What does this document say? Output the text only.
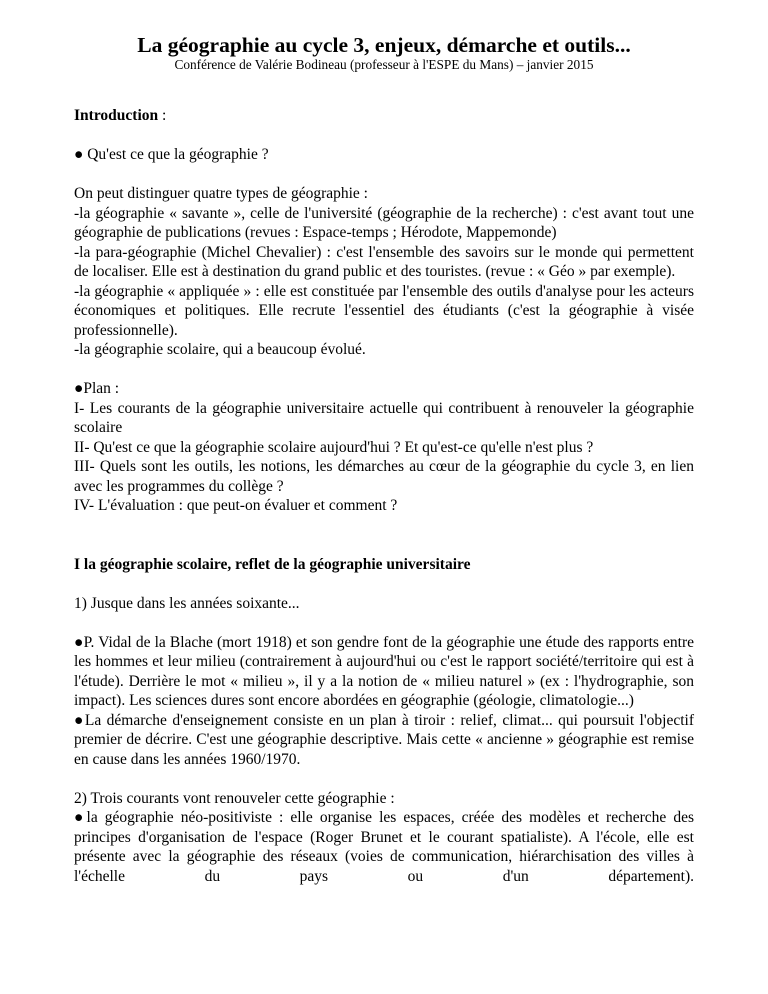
La géographie au cycle 3, enjeux, démarche et outils...
Conférence de Valérie Bodineau (professeur à l'ESPE du Mans) – janvier 2015

Introduction :

● Qu'est ce que la géographie ?

On peut distinguer quatre types de géographie :

-la géographie « savante », celle de l'université (géographie de la recherche) : c'est avant tout une géographie de publications (revues : Espace-temps ; Hérodote, Mappemonde)

-la para-géographie (Michel Chevalier) : c'est l'ensemble des savoirs sur le monde qui permettent de localiser. Elle est à destination du grand public et des touristes. (revue : « Géo » par exemple).

-la géographie « appliquée » : elle est constituée par l'ensemble des outils d'analyse pour les acteurs économiques et politiques. Elle recrute l'essentiel des étudiants (c'est la géographie à visée professionnelle).

-la géographie scolaire, qui a beaucoup évolué.

●Plan :

I- Les courants de la géographie universitaire actuelle qui contribuent à renouveler la géographie scolaire

II- Qu'est ce que la géographie scolaire aujourd'hui ? Et qu'est-ce qu'elle n'est plus ?

III- Quels sont les outils, les notions, les démarches au cœur de la géographie du cycle 3, en lien avec les programmes du collège ?

IV- L'évaluation : que peut-on évaluer et comment ?

I la géographie scolaire, reflet de la géographie universitaire

1) Jusque dans les années soixante...

●P. Vidal de la Blache (mort 1918) et son gendre font de la géographie une étude des rapports entre les hommes et leur milieu (contrairement à aujourd'hui ou c'est le rapport société/territoire qui est à l'étude). Derrière le mot « milieu », il y a la notion de « milieu naturel » (ex : l'hydrographie, son impact). Les sciences dures sont encore abordées en géographie (géologie, climatologie...)

●La démarche d'enseignement consiste en un plan à tiroir : relief, climat... qui poursuit l'objectif premier de décrire. C'est une géographie descriptive. Mais cette « ancienne » géographie est remise en cause dans les années 1960/1970.

2) Trois courants vont renouveler cette géographie :

●la géographie néo-positiviste : elle organise les espaces, créée des modèles et recherche des principes d'organisation de l'espace (Roger Brunet et le courant spatialiste). A l'école, elle est présente avec la géographie des réseaux (voies de communication, hiérarchisation des villes à l'échelle du pays ou d'un département).
